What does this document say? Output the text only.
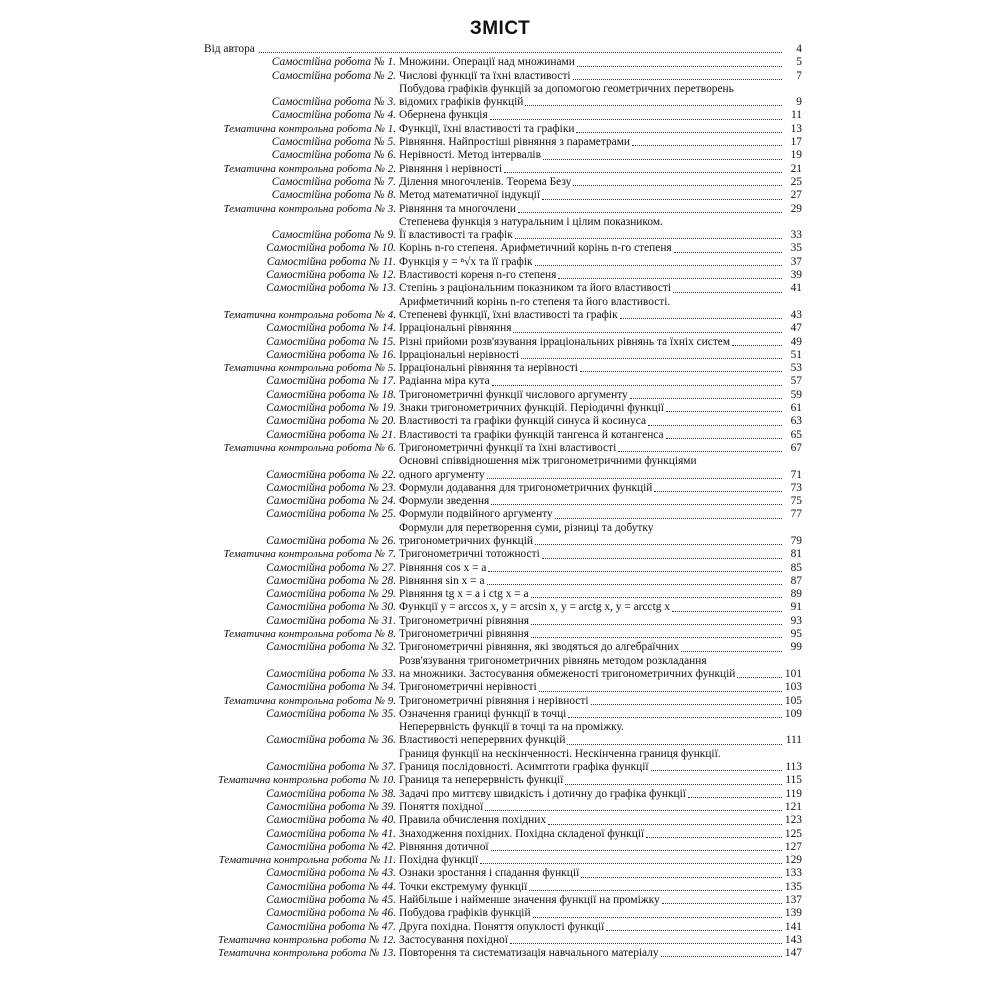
ЗМІСТ
Від автора	4
Самостійна робота № 1. Множини. Операції над множинами	5
Самостійна робота № 2. Числові функції та їхні властивості	7
Самостійна робота № 3.
Побудова графіків функцій за допомогою геометричних перетворень
відомих графіків функцій	9
Самостійна робота № 4. Обернена функція	11
Тематична контрольна робота № 1. Функції, їхні властивості та графіки	13
Самостійна робота № 5. Рівняння. Найпростіші рівняння з параметрами	17
Самостійна робота № 6. Нерівності. Метод інтервалів	19
Тематична контрольна робота № 2. Рівняння і нерівності	21
Самостійна робота № 7. Ділення многочленів. Теорема Безу	25
Самостійна робота № 8. Метод математичної індукції	27
Тематична контрольна робота № 3. Рівняння та многочлени	29
Самостійна робота № 9.
Степенева функція з натуральним і цілим показником.
Її властивості та графік	33
Самостійна робота № 10. Корінь n-го степеня. Арифметичний корінь n-го степеня	35
Самостійна робота № 11. Функція y = ⁿ√x та її графік	37
Самостійна робота № 12. Властивості кореня n-го степеня	39
Самостійна робота № 13. Степінь з раціональним показником та його властивості	41
Тематична контрольна робота № 4.
Арифметичний корінь n-го степеня та його властивості.
Степеневі функції, їхні властивості та графік	43
Самостійна робота № 14. Ірраціональні рівняння	47
Самостійна робота № 15. Різні прийоми розв'язування ірраціональних рівнянь та їхніх систем	49
Самостійна робота № 16. Ірраціональні нерівності	51
Тематична контрольна робота № 5. Ірраціональні рівняння та нерівності	53
Самостійна робота № 17. Радіанна міра кута	57
Самостійна робота № 18. Тригонометричні функції числового аргументу	59
Самостійна робота № 19. Знаки тригонометричних функцій. Періодичні функції	61
Самостійна робота № 20. Властивості та графіки функцій синуса й косинуса	63
Самостійна робота № 21. Властивості та графіки функцій тангенса й котангенса	65
Тематична контрольна робота № 6. Тригонометричні функції та їхні властивості	67
Самостійна робота № 22.
Основні співвідношення між тригонометричними функціями
одного аргументу	71
Самостійна робота № 23. Формули додавання для тригонометричних функцій	73
Самостійна робота № 24. Формули зведення	75
Самостійна робота № 25. Формули подвійного аргументу	77
Самостійна робота № 26.
Формули для перетворення суми, різниці та добутку
тригонометричних функцій	79
Тематична контрольна робота № 7. Тригонометричні тотожності	81
Самостійна робота № 27. Рівняння cos x = a	85
Самостійна робота № 28. Рівняння sin x = a	87
Самостійна робота № 29. Рівняння tg x = a і ctg x = a	89
Самостійна робота № 30. Функції y = arccos x, y = arcsin x, y = arctg x, y = arcctg x	91
Самостійна робота № 31. Тригонометричні рівняння	93
Тематична контрольна робота № 8. Тригонометричні рівняння	95
Самостійна робота № 32. Тригонометричні рівняння, які зводяться до алгебраїчних	99
Самостійна робота № 33.
Розв'язування тригонометричних рівнянь методом розкладання
на множники. Застосування обмеженості тригонометричних функцій	101
Самостійна робота № 34. Тригонометричні нерівності	103
Тематична контрольна робота № 9. Тригонометричні рівняння і нерівності	105
Самостійна робота № 35. Означення границі функції в точці	109
Самостійна робота № 36.
Неперервність функції в точці та на проміжку.
Властивості неперервних функцій	111
Самостійна робота № 37.
Границя функції на нескінченності. Нескінченна границя функції.
Границя послідовності. Асимптоти графіка функції	113
Тематична контрольна робота № 10. Границя та неперервність функції	115
Самостійна робота № 38. Задачі про миттєву швидкість і дотичну до графіка функції	119
Самостійна робота № 39. Поняття похідної	121
Самостійна робота № 40. Правила обчислення похідних	123
Самостійна робота № 41. Знаходження похідних. Похідна складеної функції	125
Самостійна робота № 42. Рівняння дотичної	127
Тематична контрольна робота № 11. Похідна функції	129
Самостійна робота № 43. Ознаки зростання і спадання функції	133
Самостійна робота № 44. Точки екстремуму функції	135
Самостійна робота № 45. Найбільше і найменше значення функції на проміжку	137
Самостійна робота № 46. Побудова графіків функцій	139
Самостійна робота № 47. Друга похідна. Поняття опуклості функції	141
Тематична контрольна робота № 12. Застосування похідної	143
Тематична контрольна робота № 13. Повторення та систематизація навчального матеріалу	147
